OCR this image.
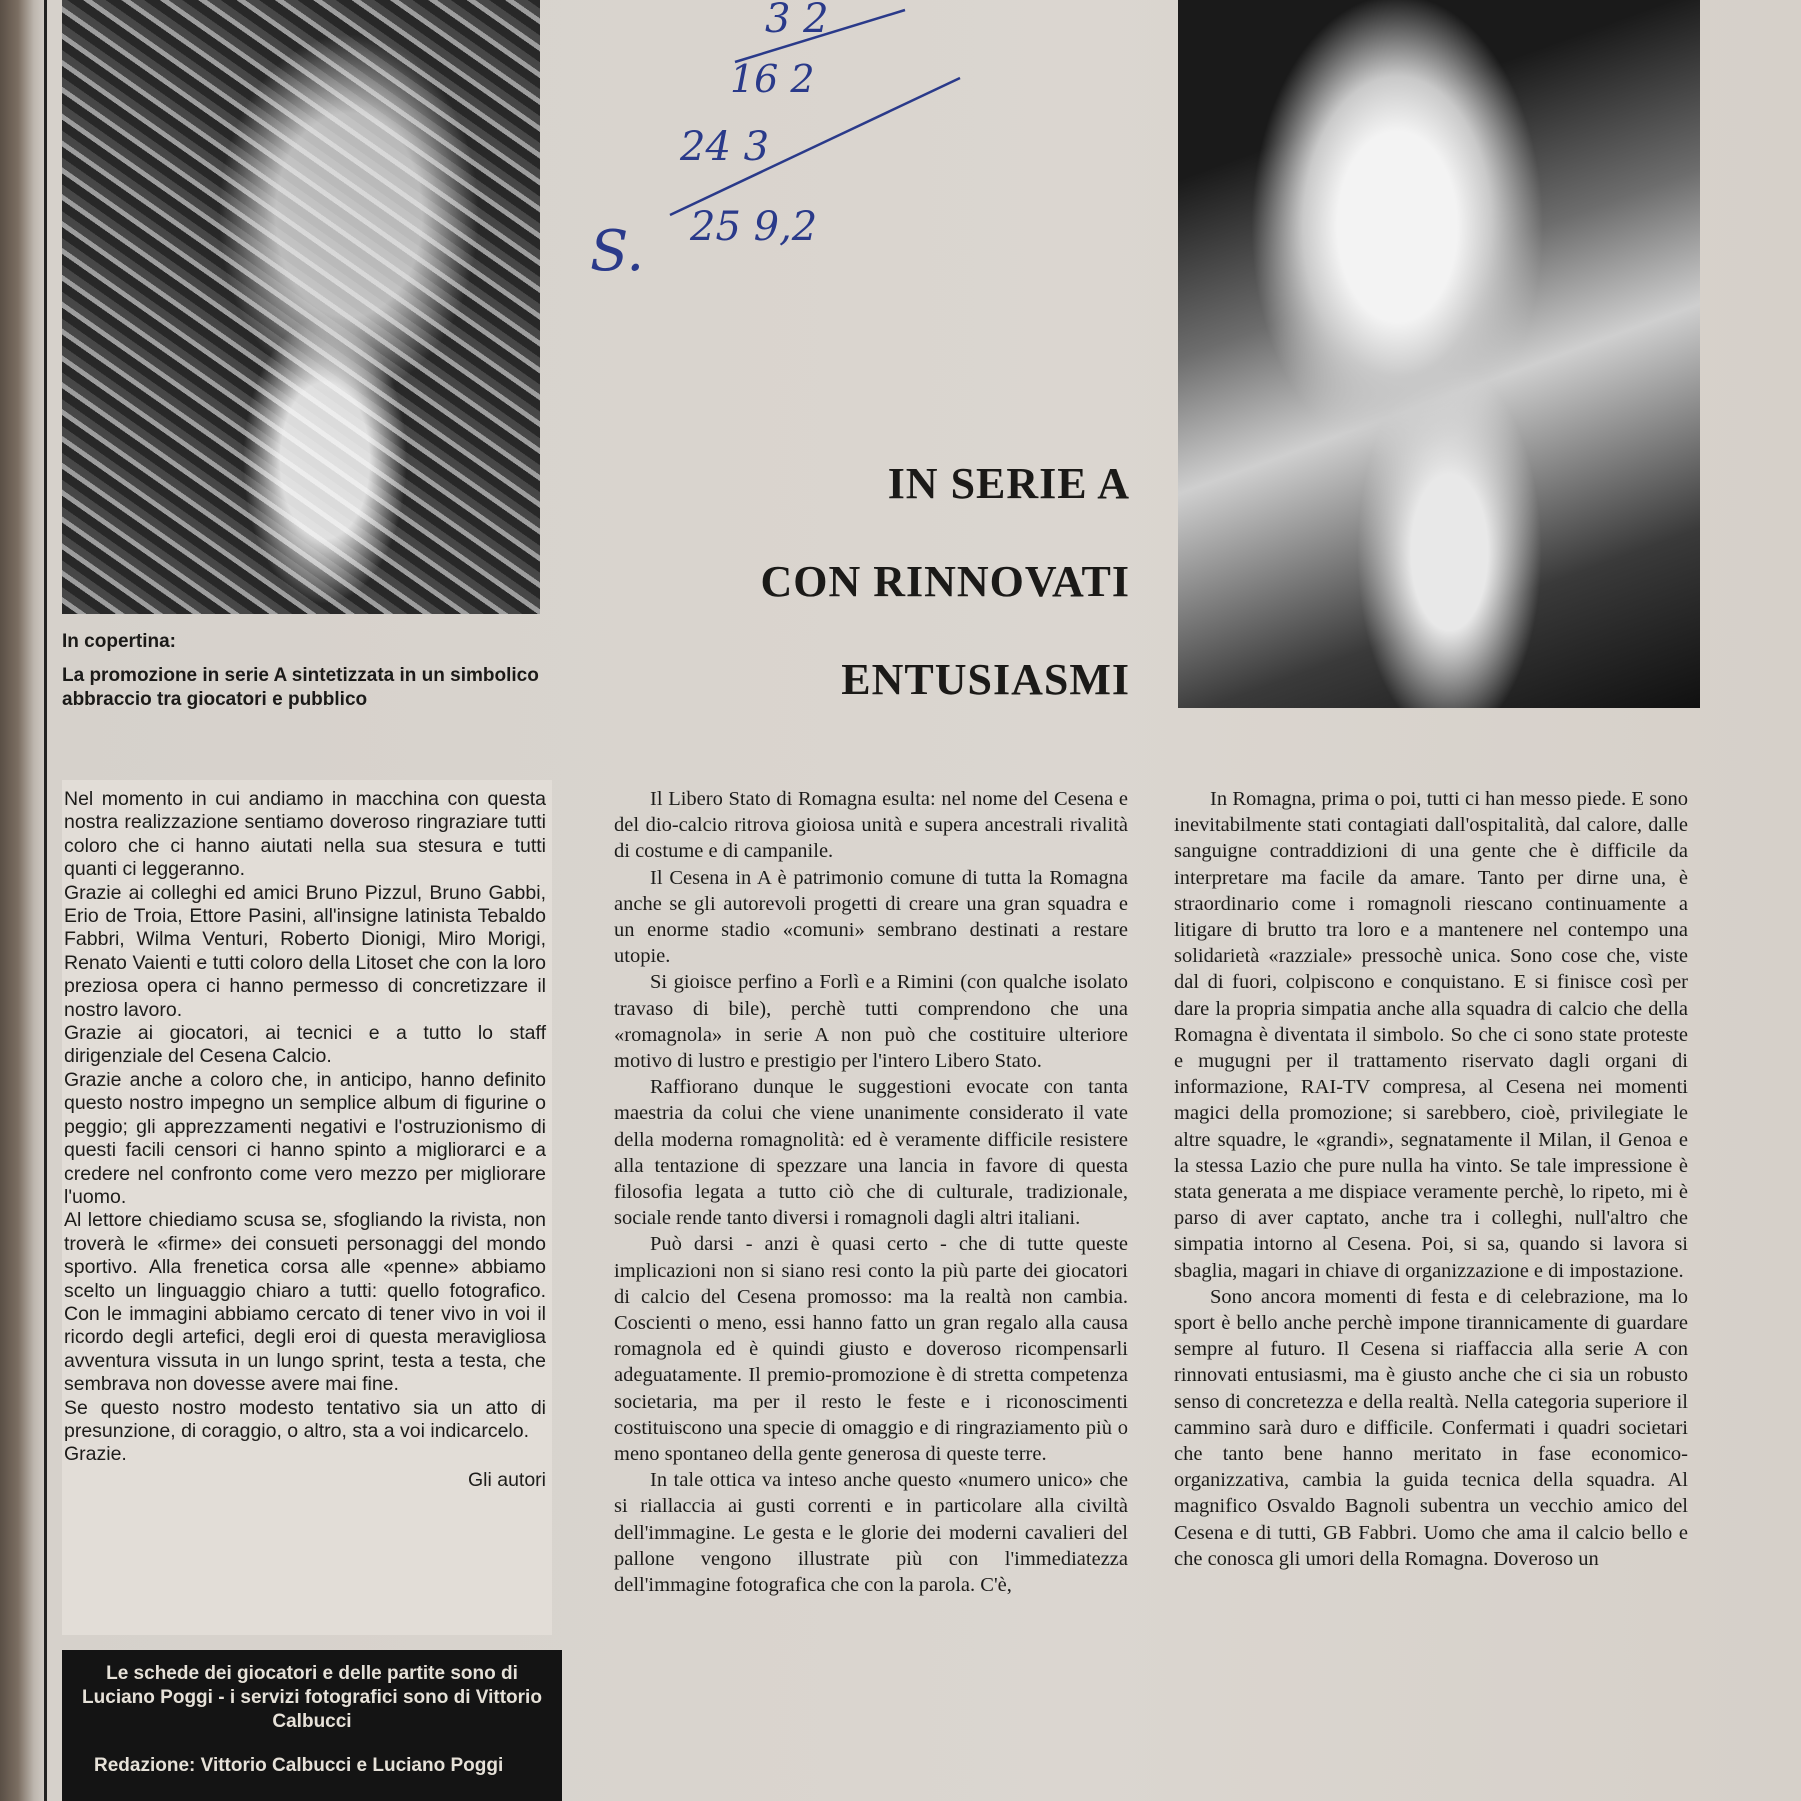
In copertina:
La promozione in serie A sintetizzata in un simbolico abbraccio tra giocatori e pubblico

Nel momento in cui andiamo in macchina con questa nostra realizzazione sentiamo doveroso ringraziare tutti coloro che ci hanno aiutati nella sua stesura e tutti quanti ci leggeranno.

Grazie ai colleghi ed amici Bruno Pizzul, Bruno Gabbi, Erio de Troia, Ettore Pasini, all'insigne latinista Tebaldo Fabbri, Wilma Venturi, Roberto Dionigi, Miro Morigi, Renato Vaienti e tutti coloro della Litoset che con la loro preziosa opera ci hanno permesso di concretizzare il nostro lavoro.

Grazie ai giocatori, ai tecnici e a tutto lo staff dirigenziale del Cesena Calcio.

Grazie anche a coloro che, in anticipo, hanno definito questo nostro impegno un semplice album di figurine o peggio; gli apprezzamenti negativi e l'ostruzionismo di questi facili censori ci hanno spinto a migliorarci e a credere nel confronto come vero mezzo per migliorare l'uomo.

Al lettore chiediamo scusa se, sfogliando la rivista, non troverà le «firme» dei consueti personaggi del mondo sportivo. Alla frenetica corsa alle «penne» abbiamo scelto un linguaggio chiaro a tutti: quello fotografico. Con le immagini abbiamo cercato di tener vivo in voi il ricordo degli artefici, degli eroi di questa meravigliosa avventura vissuta in un lungo sprint, testa a testa, che sembrava non dovesse avere mai fine.

Se questo nostro modesto tentativo sia un atto di presunzione, di coraggio, o altro, sta a voi indicarcelo.

Grazie.

Gli autori

Le schede dei giocatori e delle partite sono di Luciano Poggi - i servizi fotografici sono di Vittorio Calbucci
Redazione: Vittorio Calbucci e Luciano Poggi
3 2
16 2
24 3
25 9,2
S.
IN SERIE A
CON RINNOVATI
ENTUSIASMI

Il Libero Stato di Romagna esulta: nel nome del Cesena e del dio-calcio ritrova gioiosa unità e supera ancestrali rivalità di costume e di campanile.

Il Cesena in A è patrimonio comune di tutta la Romagna anche se gli autorevoli progetti di creare una gran squadra e un enorme stadio «comuni» sembrano destinati a restare utopie.

Si gioisce perfino a Forlì e a Rimini (con qualche isolato travaso di bile), perchè tutti comprendono che una «romagnola» in serie A non può che costituire ulteriore motivo di lustro e prestigio per l'intero Libero Stato.

Raffiorano dunque le suggestioni evocate con tanta maestria da colui che viene unanimente considerato il vate della moderna romagnolità: ed è veramente difficile resistere alla tentazione di spezzare una lancia in favore di questa filosofia legata a tutto ciò che di culturale, tradizionale, sociale rende tanto diversi i romagnoli dagli altri italiani.

Può darsi - anzi è quasi certo - che di tutte queste implicazioni non si siano resi conto la più parte dei giocatori di calcio del Cesena promosso: ma la realtà non cambia. Coscienti o meno, essi hanno fatto un gran regalo alla causa romagnola ed è quindi giusto e doveroso ricompensarli adeguatamente. Il premio-promozione è di stretta competenza societaria, ma per il resto le feste e i riconoscimenti costituiscono una specie di omaggio e di ringraziamento più o meno spontaneo della gente generosa di queste terre.

In tale ottica va inteso anche questo «numero unico» che si riallaccia ai gusti correnti e in particolare alla civiltà dell'immagine. Le gesta e le glorie dei moderni cavalieri del pallone vengono illustrate più con l'immediatezza dell'immagine fotografica che con la parola. C'è,

In Romagna, prima o poi, tutti ci han messo piede. E sono inevitabilmente stati contagiati dall'ospitalità, dal calore, dalle sanguigne contraddizioni di una gente che è difficile da interpretare ma facile da amare. Tanto per dirne una, è straordinario come i romagnoli riescano continuamente a litigare di brutto tra loro e a mantenere nel contempo una solidarietà «razziale» pressochè unica. Sono cose che, viste dal di fuori, colpiscono e conquistano. E si finisce così per dare la propria simpatia anche alla squadra di calcio che della Romagna è diventata il simbolo. So che ci sono state proteste e mugugni per il trattamento riservato dagli organi di informazione, RAI-TV compresa, al Cesena nei momenti magici della promozione; si sarebbero, cioè, privilegiate le altre squadre, le «grandi», segnatamente il Milan, il Genoa e la stessa Lazio che pure nulla ha vinto. Se tale impressione è stata generata a me dispiace veramente perchè, lo ripeto, mi è parso di aver captato, anche tra i colleghi, null'altro che simpatia intorno al Cesena. Poi, si sa, quando si lavora si sbaglia, magari in chiave di organizzazione e di impostazione.

Sono ancora momenti di festa e di celebrazione, ma lo sport è bello anche perchè impone tirannicamente di guardare sempre al futuro. Il Cesena si riaffaccia alla serie A con rinnovati entusiasmi, ma è giusto anche che ci sia un robusto senso di concretezza e della realtà. Nella categoria superiore il cammino sarà duro e difficile. Confermati i quadri societari che tanto bene hanno meritato in fase economico-organizzativa, cambia la guida tecnica della squadra. Al magnifico Osvaldo Bagnoli subentra un vecchio amico del Cesena e di tutti, GB Fabbri. Uomo che ama il calcio bello e che conosca gli umori della Romagna. Doveroso un
